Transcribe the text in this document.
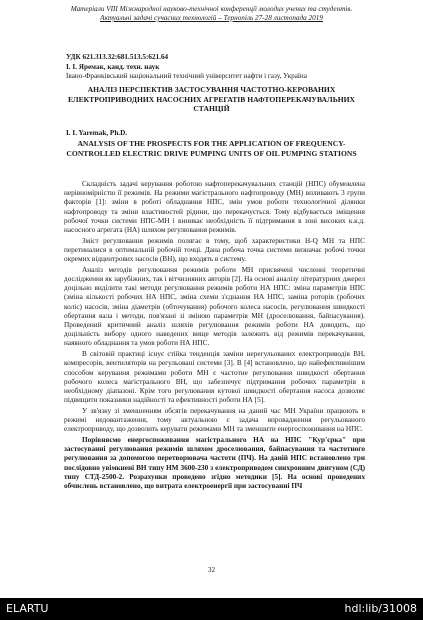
Матеріали VIII Міжнародної науково-технічної конференції молодих учених та студентів.
Актуальні задачі сучасних технологій – Тернопіль 27-28 листопада 2019
УДК 621.313.32:681.513.5:621.64
І. І. Яремак, канд. техн. наук
Івано-Франківський національний технічний університет нафти і газу, Україна
АНАЛІЗ ПЕРСПЕКТИВ ЗАСТОСУВАННЯ ЧАСТОТНО-КЕРОВАНИХ ЕЛЕКТРОПРИВОДНИХ НАСОСНИХ АГРЕГАТІВ НАФТОПЕРЕКАЧУВАЛЬНИХ СТАНЦІЙ
I. I. Yaremak, Ph.D.
ANALYSIS OF THE PROSPECTS FOR THE APPLICATION OF FREQUENCY-CONTROLLED ELECTRIC DRIVE PUMPING UNITS OF OIL PUMPING STATIONS

Складність задачі керування роботою нафтоперекачувальних станцій (НПС) обумовлена нерівномірністю її режимів. На режими магістрального нафтопроводу (МН) впливають 3 групи факторів [1]: зміни в роботі обладнання НПС, змін умов роботи технологічної ділянки нафтопроводу та зміни властивостей рідини, що перекачується. Тому відбувається зміщення робочої точки системи НПС-МН і виникає необхідність її підтримання в зоні високих к.к.д. насосного агрегата (НА) шляхом регулювання режимів.

Зміст регулювання режимів полягає в тому, щоб характеристики H-Q МН та НПС перетиналися в оптимальній робочій точці. Дана робоча точка системи визначає робочі точки окремих відцентрових насосів (ВН), що входять в систему.

Аналіз методів регулювання режимів роботи МН присвячені численні теоретичні дослідження як зарубіжних, так і вітчизняних авторів [2]. На основі аналізу літературних джерел доцільно виділити такі методи регулювання режимів роботи НА НПС: зміна параметрів НПС (зміна кількості робочих НА НПС, зміна схеми з'єднання НА НПС, заміна роторів (робочих коліс) насосів, зміна діаметрів (обточування) робочого колеса насосів, регулювання швидкості обертання вала і методи, пов'язані зі зміною параметрів МН (дроселювання, байпасування). Проведений критичний аналіз шляхів регулювання режимів роботи НА доводить, що доцільність вибору одного наведених вище методів залежить від режимів перекачування, наявного обладнання та умов роботи НА НПС.

В світовій практиці існує стійка тенденція заміни нерегульованих електроприводів ВН, компресорів, вентиляторів на регульовані системи [3]. В [4] встановлено, що найефективнішим способом керування режимами роботи МН є частотне регулювання швидкості обертання робочого колеса магістрального ВН, що забезпечує підтримання робочих параметрів в необхідному діапазоні. Крім того регулювання кутової швидкості обертання насоса дозволяє підвищити показники надійності та ефективності роботи НА [5].

У зв'язку зі зменшенням обсягів перекачування на даний час МН України працюють в режимі недовантаження, тому актуальною є задача впровадження регульованого електроприводу, що дозволить керувати режимами МН та зменшити енергоспоживання на НПС.

Порівняємо енергоспоживання магістрального НА на НПС "Кур'єрка" при застосуванні регулювання режимів шляхом дроселювання, байпасування та частотного регулювання за допомогою перетворювача частоти (ПЧ). На даній НПС встановлено три послідовно увімкнені ВН типу НМ 3600-230 з електроприводом синхронним двигуном (СД) типу СТД-2500-2. Розрахунки проведено згідно методики [5]. На основі проведених обчислень встановлено, що витрата електроенергії при застосуванні ПЧ

32
ELARTU	hdl:lib/31008
